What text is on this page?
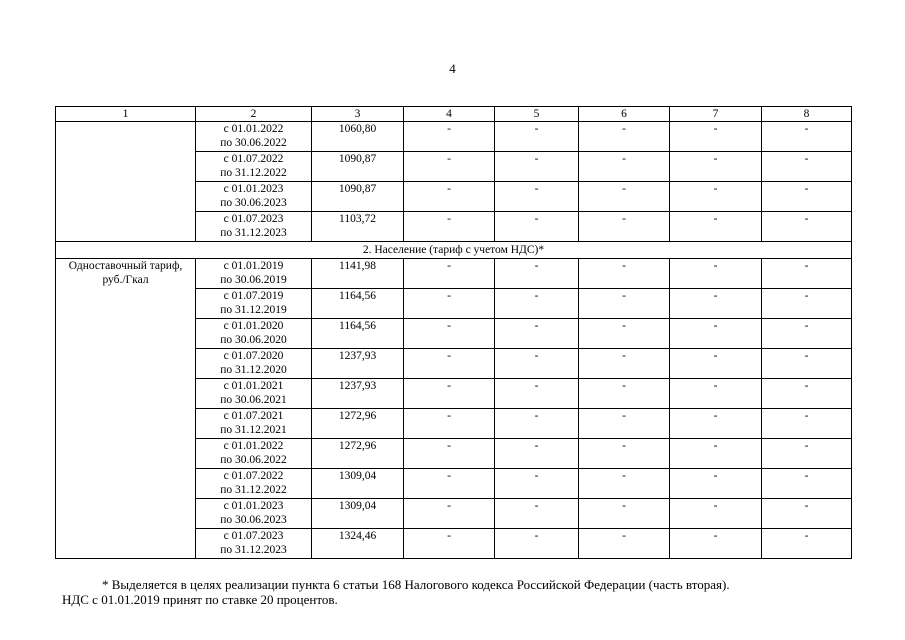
4
1	2	3	4	5	6	7	8

	с 01.01.2022
по 30.06.2022	1060,80	-	-	-	-	-

	с 01.07.2022
по 31.12.2022	1090,87	-	-	-	-	-

	с 01.01.2023
по 30.06.2023	1090,87	-	-	-	-	-

	с 01.07.2023
по 31.12.2023	1103,72	-	-	-	-	-
2. Население (тариф с учетом НДС)*							
Одноставочный тариф, руб./Гкал	с 01.01.2019
по 30.06.2019	1141,98	-	-	-	-	-

	с 01.07.2019
по 31.12.2019	1164,56	-	-	-	-	-

	с 01.01.2020
по 30.06.2020	1164,56	-	-	-	-	-

	с 01.07.2020
по 31.12.2020	1237,93	-	-	-	-	-

	с 01.01.2021
по 30.06.2021	1237,93	-	-	-	-	-

	с 01.07.2021
по 31.12.2021	1272,96	-	-	-	-	-

	с 01.01.2022
по 30.06.2022	1272,96	-	-	-	-	-

	с 01.07.2022
по 31.12.2022	1309,04	-	-	-	-	-

	с 01.01.2023
по 30.06.2023	1309,04	-	-	-	-	-

	с 01.07.2023
по 31.12.2023	1324,46	-	-	-	-	-

* Выделяется в целях реализации пункта 6 статьи 168 Налогового кодекса Российской Федерации (часть вторая).

НДС с 01.01.2019 принят по ставке 20 процентов.
